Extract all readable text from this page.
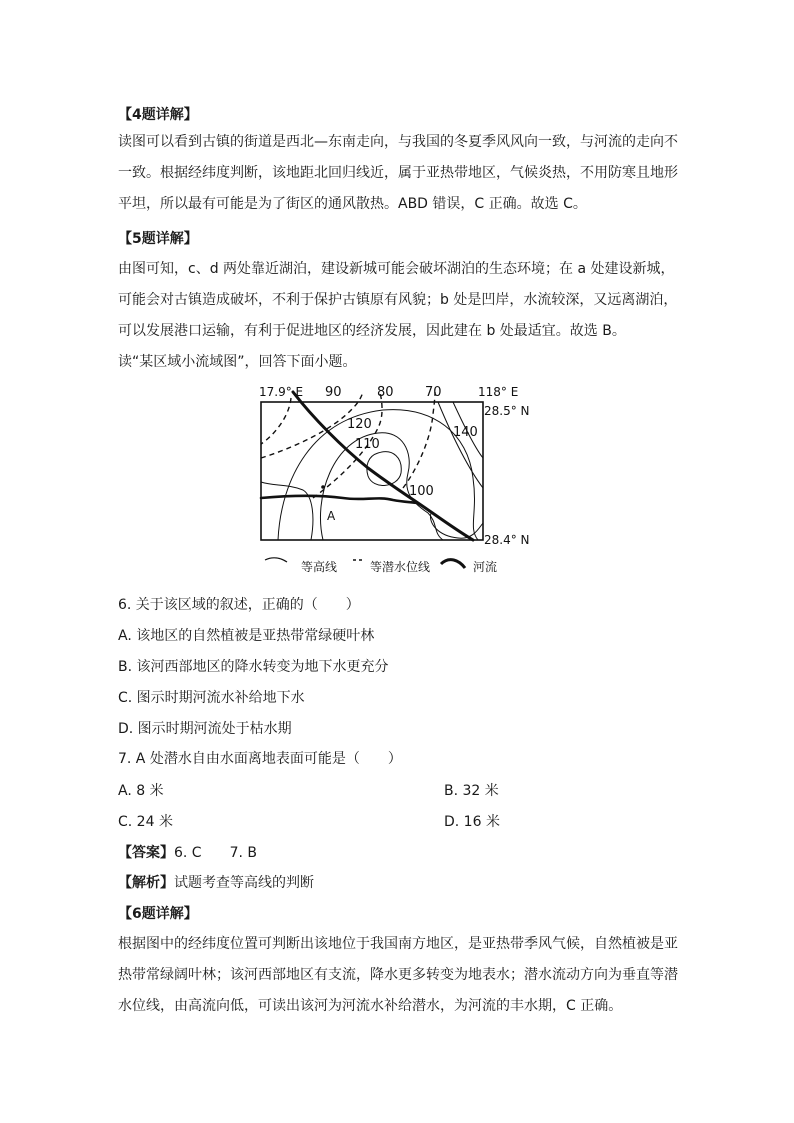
【4题详解】
读图可以看到古镇的街道是西北—东南走向，与我国的冬夏季风风向一致，与河流的走向不一致。根据经纬度判断，该地距北回归线近，属于亚热带地区，气候炎热，不用防寒且地形平坦，所以最有可能是为了街区的通风散热。ABD 错误，C 正确。故选 C。
【5题详解】
由图可知，c、d 两处靠近湖泊，建设新城可能会破坏湖泊的生态环境；在 a 处建设新城，可能会对古镇造成破坏，不利于保护古镇原有风貌；b 处是凹岸，水流较深，又远离湖泊，可以发展港口运输，有利于促进地区的经济发展，因此建在 b 处最适宜。故选 B。
读“某区域小流域图”，回答下面小题。
A
17.9° E	118° E
28.5° N
28.4° N
90	80 70
120
110
100
140
等高线	等潜水位线	河流
6. 关于该区域的叙述，正确的（　　）
A. 该地区的自然植被是亚热带常绿硬叶林
B. 该河西部地区的降水转变为地下水更充分
C. 图示时期河流水补给地下水
D. 图示时期河流处于枯水期
7. A 处潜水自由水面离地表面可能是（　　）
A. 8 米	B. 32 米
C. 24 米	D. 16 米
【答案】6. C　　7. B
【解析】试题考查等高线的判断
【6题详解】
根据图中的经纬度位置可判断出该地位于我国南方地区，是亚热带季风气候，自然植被是亚热带常绿阔叶林；该河西部地区有支流，降水更多转变为地表水；潜水流动方向为垂直等潜水位线，由高流向低，可读出该河为河流水补给潜水，为河流的丰水期，C 正确。
